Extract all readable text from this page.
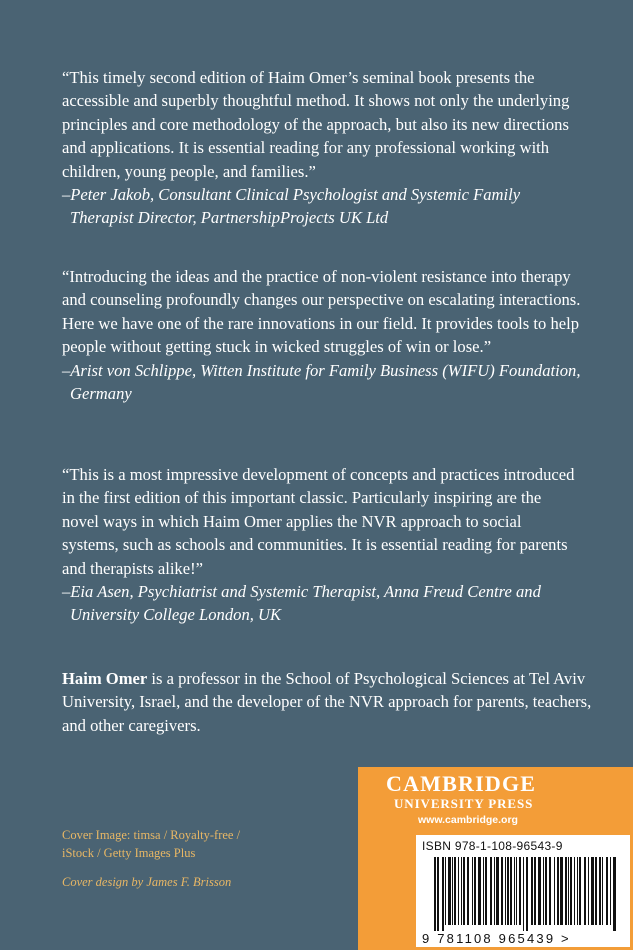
“This timely second edition of Haim Omer’s seminal book presents the accessible and superbly thoughtful method. It shows not only the underlying principles and core methodology of the approach, but also its new directions and applications. It is essential reading for any professional working with children, young people, and families.”

–Peter Jakob, Consultant Clinical Psychologist and Systemic Family Therapist Director, PartnershipProjects UK Ltd

“Introducing the ideas and the practice of non-violent resistance into therapy and counseling profoundly changes our perspective on escalating interactions. Here we have one of the rare innovations in our field. It provides tools to help people without getting stuck in wicked struggles of win or lose.”

–Arist von Schlippe, Witten Institute for Family Business (WIFU) Foundation, Germany

“This is a most impressive development of concepts and practices introduced in the first edition of this important classic. Particularly inspiring are the novel ways in which Haim Omer applies the NVR approach to social systems, such as schools and communities. It is essential reading for parents and therapists alike!”

–Eia Asen, Psychiatrist and Systemic Therapist, Anna Freud Centre and University College London, UK

Haim Omer is a professor in the School of Psychological Sciences at Tel Aviv University, Israel, and the developer of the NVR approach for parents, teachers, and other caregivers.

Cover Image: timsa / Royalty-free / iStock / Getty Images Plus
Cover design by James F. Brisson
CAMBRIDGE
UNIVERSITY PRESS
www.cambridge.org
ISBN 978-1-108-96543-9
9 781108 965439 >
